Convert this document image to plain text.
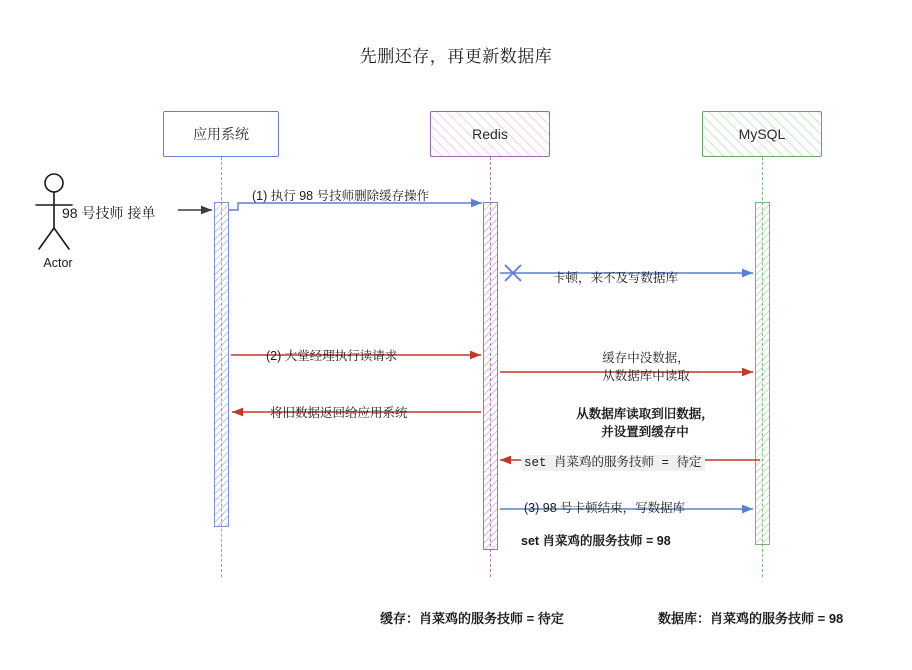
先删还存，再更新数据库
应用系统	Redis	MySQL
Actor
98 号技师 接单
(1) 执行 98 号技师删除缓存操作
卡顿，来不及写数据库
(2) 大堂经理执行读请求	缓存中没数据，
从数据库中读取
将旧数据返回给应用系统	从数据库读取到旧数据，
并设置到缓存中
set 肖菜鸡的服务技师 = 待定
(3) 98 号卡顿结束，写数据库
set 肖菜鸡的服务技师 = 98
缓存：肖菜鸡的服务技师 = 待定	数据库：肖菜鸡的服务技师 = 98
